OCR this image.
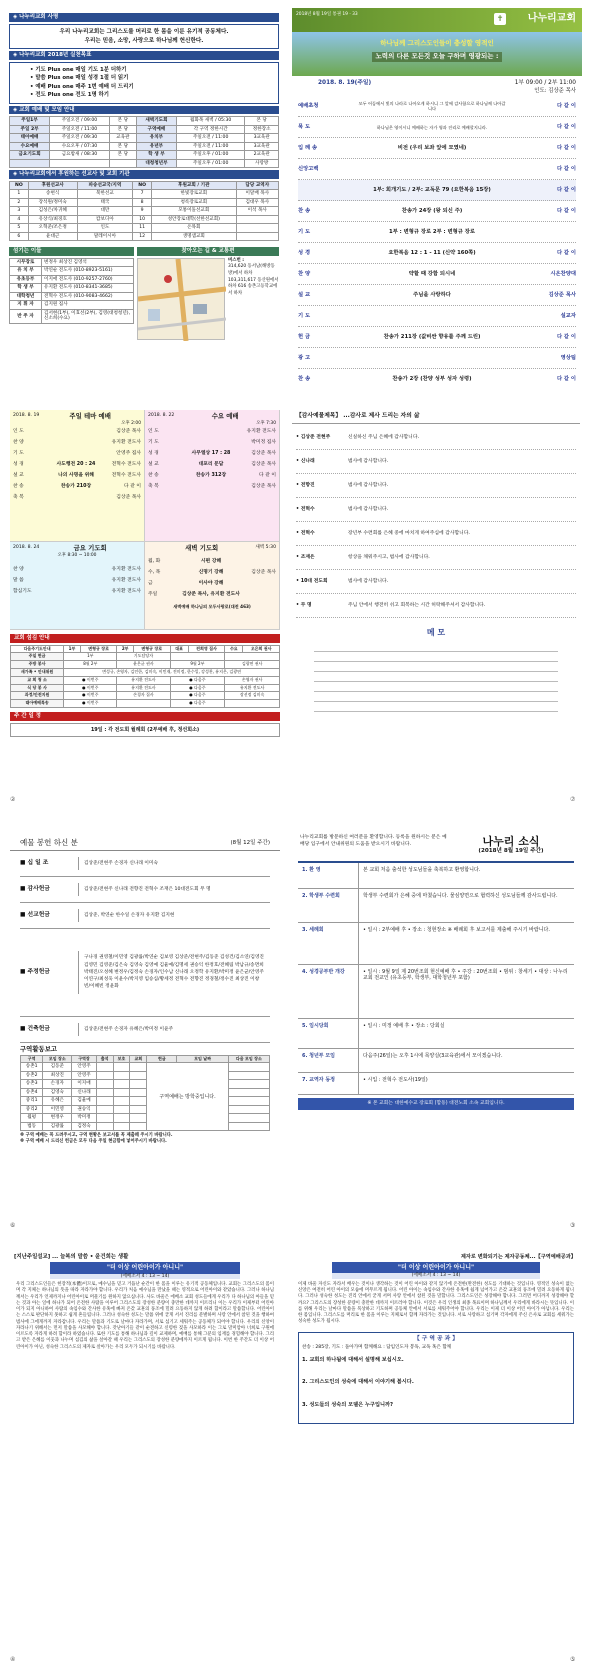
◈ 나누리교회 사명
우리 나누리교회는 그리스도를 머리로 한 몸을 이룬 유기적 공동체다.
우리는 믿음, 소망, 사랑으로 하나님께 헌신한다.
◈ 나누리교회 2018년 실천목표
• 기도 Plus one 매일 기도 1분 더하기
• 말씀 Plus one 매일 성경 1절 더 읽기
• 예배 Plus one 매주 1번 예배 더 드리기
• 전도 Plus one 전도 1명 하기
◈ 교회 예배 및 모임 안내
주일1부	주일오전 / 09:00	본 당	새벽기도회	월화목 새벽 / 05:30	본 당
주일 2부	주일오전 / 11:00	본 당	구역예배	각 구역 정한시간	정한장소
태아예배	주일오전 / 09:30	교육관	유치부	주일오전 / 11:00	3교육관
수요예배	수요오후 / 07:30	본 당	유년부	주일오전 / 11:00	3교육관
금요기도회	금요밤새 / 08:30	본 당	학 생 부	주일오후 / 01:00	2교육관
			대청청년부	주일오후 / 01:00	사랑방
◈ 나누리교회에서 후원하는 선교사 및 교회 기관
NO	후원선교사	파송선교국/지역	NO	후원교회 / 기관	담당 교역자
1	송현식	북한선교	7	한빛장로교회	이달배 목사
2	장석원/정미숙	태국	8	청록장로교회	김대우 목사
3	김성은/차귀혜	대만	9	모퉁이돌선교회	이석 목사
4	유상식/최경호	캄보디아	10	성안장로대학(선한선교회)	
5	오혁준/조은정	인도	11	온목회	
6	윤대근	말레이시아	12	생명샘교회	
섬기는 이들
시무장로	변정우 최상진 김영석
유 치 부	박연순 전도사 (010-8923-5161)
유초등부	이지애 전도사 (010-9257-2760)
학 생 부	유지환 전도사 (010-8341-3685)
대학청년	전혁수 전도사 (010-9083-4662)
지 휘 자	김지원 집사
반 주 자	김서현(1부), 이효선(2부), 김영(대청청년), 신소희(수요)
찾아오는 길 & 교통편
버스번 :
314,620 동서남(해방동방)에서 하차 103,311,617 동산원에서 하차 616 송촌고등학교에서 하차
2018년 8월 19일 통권 19 · 33	✝ 나누리교회
하나님께 그리스도인들이 충성할 영적인
노력의 다른 모든것 오늘 구하며 영광되는 :
2018. 8. 19(주일)	1부 09:00 / 2부 11:00
인도: 김상준 목사
예배초청	모두 어둠에서 빛의 나라로 나아오게 하시니 그 앞에 감사함으로 하나님께 나아갑니다	다 같 이
묵 도	하나님은 영이시니 예배하는 자가 영과 진리로 예배할지니라.	다 같 이
입 례 송	비전 (우리 보좌 앞에 모였네)	다 같 이
신앙고백	다 같 이
1부: 회개기도 / 2부: 교독문 79 (요한복음 15장)	다 같 이
찬 송	찬송가 24장 (왕 되신 주)	다 같 이
기 도	1부 : 변형규 장로 2부 : 변형규 장로
성 경	요한복음 12 : 1 - 11 (신약 160쪽)	다 같 이
찬 양	약할 때 강함 되시네	시온찬양대
설 교	주님을 사랑하다	김상준 목사
기 도	설교자
헌 금	찬송가 211장 (값비싼 향유를 주께 드린)	다 같 이
광 고	영상팀
찬 송	찬송가 2장 (찬양 성부 성자 성령)	다 같 이
2018. 8. 19	주일 테마 예배
오후 2:00
인 도	김상준 목사
찬 양	유지환 전도사
기 도	안영주 집사
성 경	사도행전 20 : 24	전혁수 전도사
설 교	나의 사명을 위해	전혁수 전도사
찬 송	찬송가 210장	다 같 이
축 복	김상준 목사
2018. 8. 22	수요 예배
오후 7:30
인 도	유지환 전도사
기 도	박미정 집사
성 경	사무엘상 17 : 28	김상준 목사
설 교	대포리 문답	김상준 목사
찬 송	찬송가 312장	다 같 이
축 복	김상준 목사
2018. 8. 24	금요 기도회
오후 8:30 ~ 10:00
찬 양	유지환 전도사
말 씀	유지환 전도사
합심기도	유지환 전도사
새벽 기도회	새벽 5:30
월, 화	시편 강해
수, 목	신명기 강해	김상준 목사
금	이사야 강해
주일	김상준 목사, 유지환 전도사
새벽예배 하나님의 모두사랑로(대전 463)
교회 섬김 안내
다음주기도안내	1부	변형규 장로	2부	변형규 장로	대표	전희영 집사	수요	오은희 권사
주일 헌금	1부		기도담당자					
주방 봉사	8월 2부		윤은균 권사		9월 2부		김광연 권사	
새가족 • 안내위원	변성규, 손영자, 김인한, 김미숙, 이민재, 전미정, 한수일, 강성찬, 유지은, 김광연							
교 회 청 소	● 이번주		유지환 전도사		● 다음주		손영자 권사	
식 당 봉 사	● 이번주		유지환 전도사		● 다음주		유지환 전도사	
과정/안전지원	● 이번주		손경자 집사		● 다음주		장선정 김미숙	
태아예배특송	● 이번주				● 다음주			
주 간 일 정
19일 : 각 전도회 월례회 (2부예배 후, 정선회소)
②
【감사예물제목】 ...감사로 제사 드리는 자의 삶
• 김상준 전현주	신실하신 주님 은혜에 감사합니다.
• 신나래	범사에 감사합니다.
• 전향진	범사에 감사합니다.
• 전혁수	범사에 감사합니다.
• 전혁수	장년부 수련회를 은혜 중에 마치게 하여주심에 감사합니다.
• 조재은	항상을 채워주시고, 범사에 감사합니다.
• 10대 전도회	범사에 감사합니다.
• 무 명	주님 안에서 행전히 쉬고 회복하는 시간 허락해주셔서 감사합니다.
메 모
⑦
예물 봉헌 하신 분	(8월 12일 주간)
■ 십 일 조	김상준/전현주 손경자 신나래 이미숙
■ 감사헌금	김상준/전현주 신나래 전향진 전혁수 조재은 10대전도회 무 명
■ 선교헌금	김상준, 박연순 한수일 손경자 유지환 김지현
■ 주정헌금
구나경 권영철/이민영 김광률/박연순 김보영 김상준/전현주/김동준 김성건/김소연/김영진 김영민 김영준/김은숙 김영숙 김영예 김율예/김명세 권승익 한정호/전혜림 박남규/송면희 박태진/오성혜 변정우/김정숙 손경자/인수남 신나래 오정학 유지환/박미정 윤은균/안영주 이연구/최성욱 이윤수/박지영 임승심/황세정 전혁수 전향진 정경철/정수진 최상진 이창빈/이혜빈 정윤화
■ 건축헌금	김상준/전현주 손경자 유혜은/박미정 이윤주
구역활동보고
구역	모임 장소	구역장	출석	보호	교회	헌금	모임 날짜	다음 모임 장소
송촌1	김동준	안영주				구역예배는 방학중입니다.		
송촌2	최상진	안영주						
송촌3	손경자	이지애						
송촌4	김영숙	신나래						
중리1	유혜은	김율예						
중리2	이민영	권승익						
월평	변정우	박미정						
법동	김광률	김정숙						
※ 구역 예배는 꼭 드려주시고, 구역 현황은 보고서를 꼭 제출해 주시기 바랍니다.
※ 구역 예배 시 드리신 헌금은 모두 다음 주일 현금함에 넣어주시기 바랍니다.
⑥
나누리교회를 방문하신 여러분을 환영합니다. 등록을 원하시는 분은 예배당 입구에서 안내위원의 도움을 받으시기 바랍니다.	나누리 소식
(2018년 8월 19일 주간)
1. 환 영	본 교회 처음 출석한 성도님들을 축복하고 환영합니다.
2. 학생부 수련회	학생부 수련회가 은혜 중에 마쳤습니다. 물심양면으로 협력하신 성도님들께 감사드립니다.
3. 세례회	• 일시 : 2부예배 후 • 장소 : 청현장소 ※ 배례회 후 보고서를 제출해 주시기 바랍니다.
4. 성경공부반 개강	• 일시 : 9월 9일 제 20번조회 현신예배 후 • 주강 : 20번조회 • 범위 : 창세기 • 대상 : 나누리교회 전교인 (유초등부, 학생부, 대학청년부 포함)
5. 임시당회	• 일시 : 미정 예배 후 • 장소 : 당회실
6. 청년부 모임	다음주(26일)는 오후 1시에 목양실(3교육관)에서 모이겠습니다.
7. 교역자 동정	• 시입 : 전혁수 전도사(19일)
※ 본 교회는 대한예수교 장로회 (합동) 대전노회 소속 교회입니다.
③
[지난주일설교] ... 늘복의 말씀 • 윤건희는 생활
"더 이상 어린아이가 아니니"
(에베소서 4 : 13 ~ 14)
우리 그리스도인들은 헌장적(本體)이므로, 예수님을 믿고 거듭난 순간이 한 몸을 이루는 유기적 공동체입니다. 교회는 그리스도의 몸이며 각 지체는 하나님의 뜻을 따라 자라가야 합니다. 우리가 처음 예수님을 만났을 때는 영적으로 어린아이와 같았습니다. 그러나 하나님께서는 우리가 언제까지나 어린아이로 머물기를 원하지 않으십니다. 사도 바울은 에베소 교회 성도들에게 우리가 다 하나님의 아들을 믿는 것과 아는 일에 하나가 되어 온전한 사람을 이루어 그리스도의 장성한 분량이 충만한 데까지 이르리니 이는 우리가 이제부터 어린아이가 되지 아니하여 사람의 속임수와 간사한 유혹에 빠져 온갖 교훈의 풍조에 밀려 요동하지 않게 하려 함이라고 말씀합니다. 어린아이는 스스로 판단하지 못하고 쉽게 흔들립니다. 그러나 성숙한 성도는 말씀 위에 굳게 서서 진리를 분별하며 사랑 안에서 참된 것을 행하여 범사에 그에게까지 자라갑니다. 우리는 말씀과 기도로 날마다 자라가며, 서로 섬기고 세워주는 공동체가 되어야 합니다. 우리의 신앙이 자라나기 위해서는 먼저 말씀을 사모해야 합니다. 갓난아기들 같이 순전하고 신령한 젖을 사모하라 이는 그로 말미암아 너희로 구원에 이르도록 자라게 하려 함이라 하였습니다. 또한 기도를 통해 하나님과 깊이 교제하며, 예배를 통해 그분의 임재를 경험해야 합니다. 그리고 받은 은혜를 이웃과 나누며 섬김의 삶을 살아갈 때 우리는 그리스도의 장성한 분량에까지 이르게 됩니다. 이번 한 주간도 더 이상 어린아이가 아닌, 성숙한 그리스도의 제자로 살아가는 우리 모두가 되시기를 바랍니다.
④
제자로 변화되기는 제자공동체...【구역예배공과】
"더 이상 어린아이가 아니니"
(에베소서 4 : 13 ~ 14)
이제 바울 자신도 자라서 배우는 것이나 생각하는 것이 어린 아이와 같지 않기에 온전한(완전한) 성도를 기대하는 것입니다. 영적인 성숙이 없는 신앙은 여전히 어린 아이의 모습에 머무르게 됩니다. 어린 아이는 속임수와 간사한 유혹에 쉽게 넘어가고 온갖 교훈의 풍조에 밀려 요동하게 됩니다. 그러나 성숙한 성도는 진리 안에서 굳게 서며 사랑 안에서 참된 것을 말합니다. 그리스도인은 성장해야 합니다. 그러면 어디까지 성장해야 할까요? 그리스도의 장성한 분량이 충만한 데까지 이르러야 합니다. 이것은 우리 인생의 최종 목표이며 하나님께서 우리에게 바라시는 뜻입니다. 이를 위해 우리는 날마다 말씀을 묵상하고 기도하며 공동체 안에서 서로를 세워주어야 합니다. 우리는 이제 더 이상 어린 아이가 아닙니다. 우리는 한 몸입니다. 그리스도를 머리로 한 몸을 이루는 지체로서 함께 자라가는 것입니다. 서로 사랑하고 섬기며 각자에게 주신 은사로 교회를 세워가는 성숙한 성도가 됩시다.
【 구 역 공 과 】
찬송 : 285장, 기도 : 돌아가며 함께해요 : 담임인도자 봉독, 교독 혹은 함께
1. 교회의 하나됨에 대해서 설명해 보십시오.
2. 그리스도인의 성숙에 대해서 이야기해 봅시다.
3. 성도들의 성숙의 모델은 누구입니까?
⑤
